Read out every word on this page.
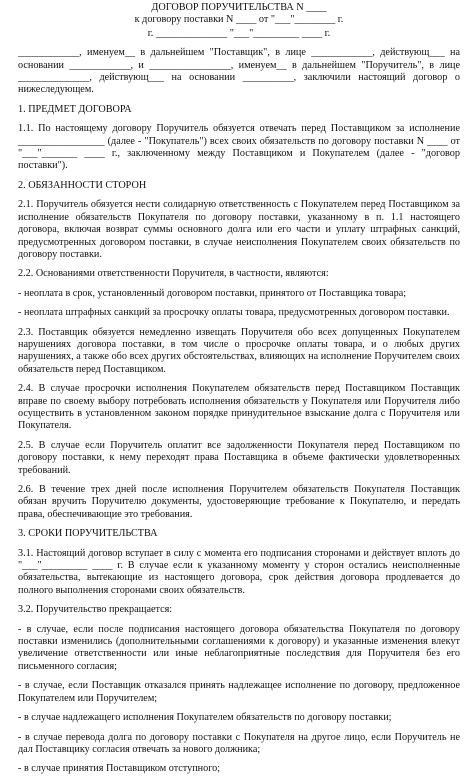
ДОГОВОР ПОРУЧИТЕЛЬСТВА N ____
к договору поставки N ____ от "___"________ г.
г. ______________ "___"_________ ____ г.
____________, именуем__ в дальнейшем "Поставщик", в лице ____________, действующ___ на основании ____________, и ________________, именуем__ в дальнейшем "Поручитель", в лице ______________, действующ___ на основании __________, заключили настоящий договор о нижеследующем.
1. ПРЕДМЕТ ДОГОВОРА
1.1. По настоящему договору Поручитель обязуется отвечать перед Поставщиком за исполнение _________________ (далее - "Покупатель") всех своих обязательств по договору поставки N ____ от "___"_______ ____ г., заключенному между Поставщиком и Покупателем (далее - "договор поставки").
2. ОБЯЗАННОСТИ СТОРОН
2.1. Поручитель обязуется нести солидарную ответственность с Покупателем перед Поставщиком за исполнение обязательств Покупателя по договору поставки, указанному в п. 1.1 настоящего договора, включая возврат суммы основного долга или его части и уплату штрафных санкций, предусмотренных договором поставки, в случае неисполнения Покупателем своих обязательств по договору поставки.
2.2. Основаниями ответственности Поручителя, в частности, являются:
- неоплата в срок, установленный договором поставки, принятого от Поставщика товара;
- неоплата штрафных санкций за просрочку оплаты товара, предусмотренных договором поставки.
2.3. Поставщик обязуется немедленно извещать Поручителя обо всех допущенных Покупателем нарушениях договора поставки, в том числе о просрочке оплаты товара, и о любых других нарушениях, а также обо всех других обстоятельствах, влияющих на исполнение Поручителем своих обязательств перед Поставщиком.
2.4. В случае просрочки исполнения Покупателем обязательств перед Поставщиком Поставщик вправе по своему выбору потребовать исполнения обязательств у Покупателя или Поручителя либо осуществить в установленном законом порядке принудительное взыскание долга с Поручителя или Покупателя.
2.5. В случае если Поручитель оплатит все задолженности Покупателя перед Поставщиком по договору поставки, к нему переходят права Поставщика в объеме фактически удовлетворенных требований.
2.6. В течение трех дней после исполнения Поручителем обязательств Покупателя Поставщик обязан вручить Поручителю документы, удостоверяющие требование к Покупателю, и передать права, обеспечивающие это требования.
3. СРОКИ ПОРУЧИТЕЛЬСТВА
3.1. Настоящий договор вступает в силу с момента его подписания сторонами и действует вплоть до "___"_________ ____ г. В случае если к указанному моменту у сторон остались неисполненные обязательства, вытекающие из настоящего договора, срок действия договора продлевается до полного выполнения сторонами своих обязательств.
3.2. Поручительство прекращается:
- в случае, если после подписания настоящего договора обязательства Покупателя по договору поставки изменились (дополнительными соглашениями к договору) и указанные изменения влекут увеличение ответственности или иные неблагоприятные последствия для Поручителя без его письменного согласия;
- в случае, если Поставщик отказался принять надлежащее исполнение по договору, предложенное Покупателем или Поручителем;
- в случае надлежащего исполнения Покупателем обязательств по договору поставки;
- в случае перевода долга по договору поставки с Покупателя на другое лицо, если Поручитель не дал Поставщику согласия отвечать за нового должника;
- в случае принятия Поставщиком отступного;
